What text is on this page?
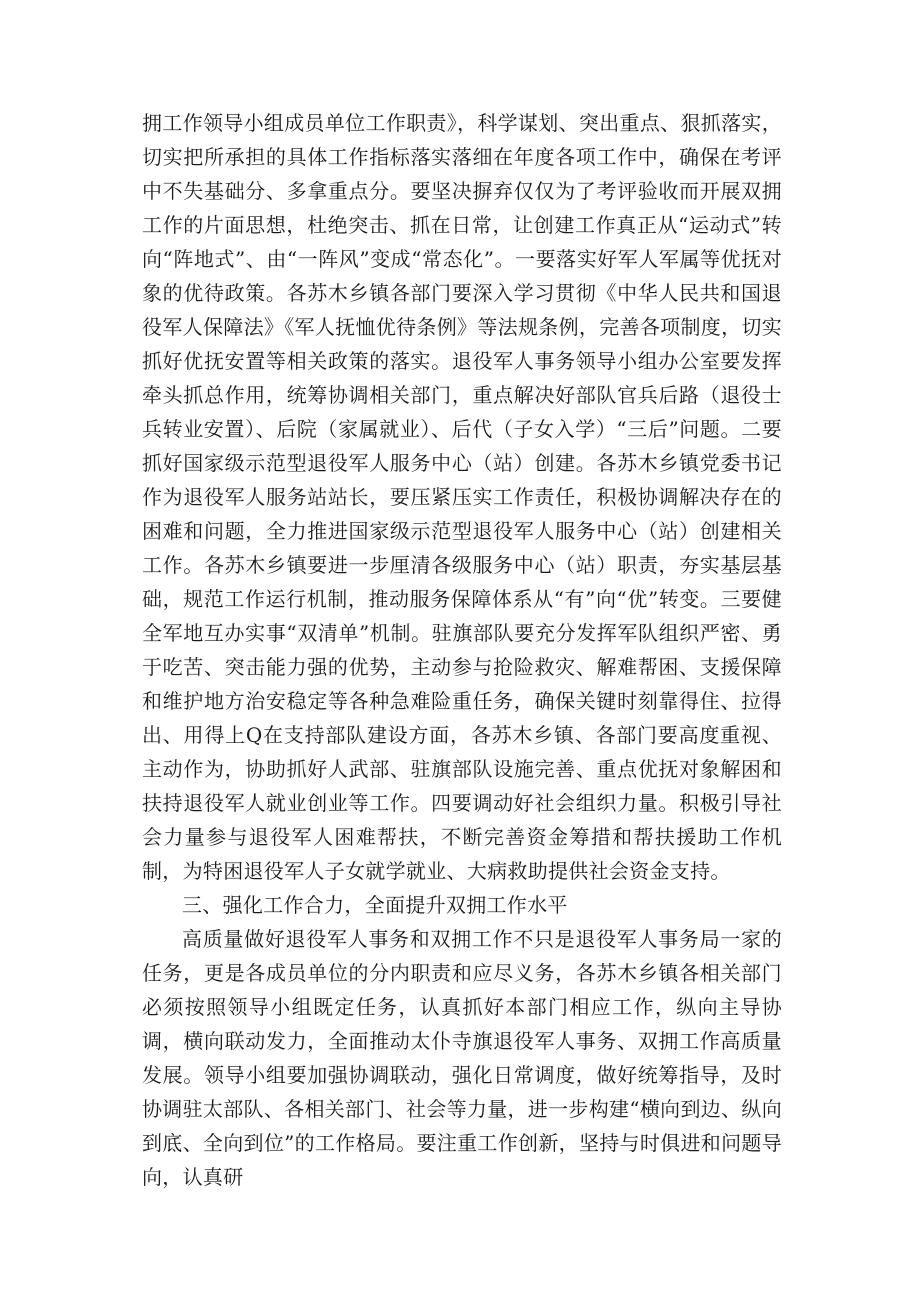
拥工作领导小组成员单位工作职责》，科学谋划、突出重点、狠抓落实，切实把所承担的具体工作指标落实落细在年度各项工作中，确保在考评中不失基础分、多拿重点分。要坚决摒弃仅仅为了考评验收而开展双拥工作的片面思想，杜绝突击、抓在日常，让创建工作真正从“运动式”转向“阵地式”、由“一阵风”变成“常态化”。一要落实好军人军属等优抚对象的优待政策。各苏木乡镇各部门要深入学习贯彻《中华人民共和国退役军人保障法》《军人抚恤优待条例》等法规条例，完善各项制度，切实抓好优抚安置等相关政策的落实。退役军人事务领导小组办公室要发挥牵头抓总作用，统筹协调相关部门，重点解决好部队官兵后路（退役士兵转业安置）、后院（家属就业）、后代（子女入学）“三后”问题。二要抓好国家级示范型退役军人服务中心（站）创建。各苏木乡镇党委书记作为退役军人服务站站长，要压紧压实工作责任，积极协调解决存在的困难和问题，全力推进国家级示范型退役军人服务中心（站）创建相关工作。各苏木乡镇要进一步厘清各级服务中心（站）职责，夯实基层基础，规范工作运行机制，推动服务保障体系从“有”向“优”转变。三要健全军地互办实事“双清单”机制。驻旗部队要充分发挥军队组织严密、勇于吃苦、突击能力强的优势，主动参与抢险救灾、解难帮困、支援保障和维护地方治安稳定等各种急难险重任务，确保关键时刻靠得住、拉得出、用得上Q在支持部队建设方面，各苏木乡镇、各部门要高度重视、主动作为，协助抓好人武部、驻旗部队设施完善、重点优抚对象解困和扶持退役军人就业创业等工作。四要调动好社会组织力量。积极引导社会力量参与退役军人困难帮扶，不断完善资金筹措和帮扶援助工作机制，为特困退役军人子女就学就业、大病救助提供社会资金支持。

三、强化工作合力，全面提升双拥工作水平

高质量做好退役军人事务和双拥工作不只是退役军人事务局一家的任务，更是各成员单位的分内职责和应尽义务，各苏木乡镇各相关部门必须按照领导小组既定任务，认真抓好本部门相应工作，纵向主导协调，横向联动发力，全面推动太仆寺旗退役军人事务、双拥工作高质量发展。领导小组要加强协调联动，强化日常调度，做好统筹指导，及时协调驻太部队、各相关部门、社会等力量，进一步构建“横向到边、纵向到底、全向到位”的工作格局。要注重工作创新，坚持与时俱进和问题导向，认真研
